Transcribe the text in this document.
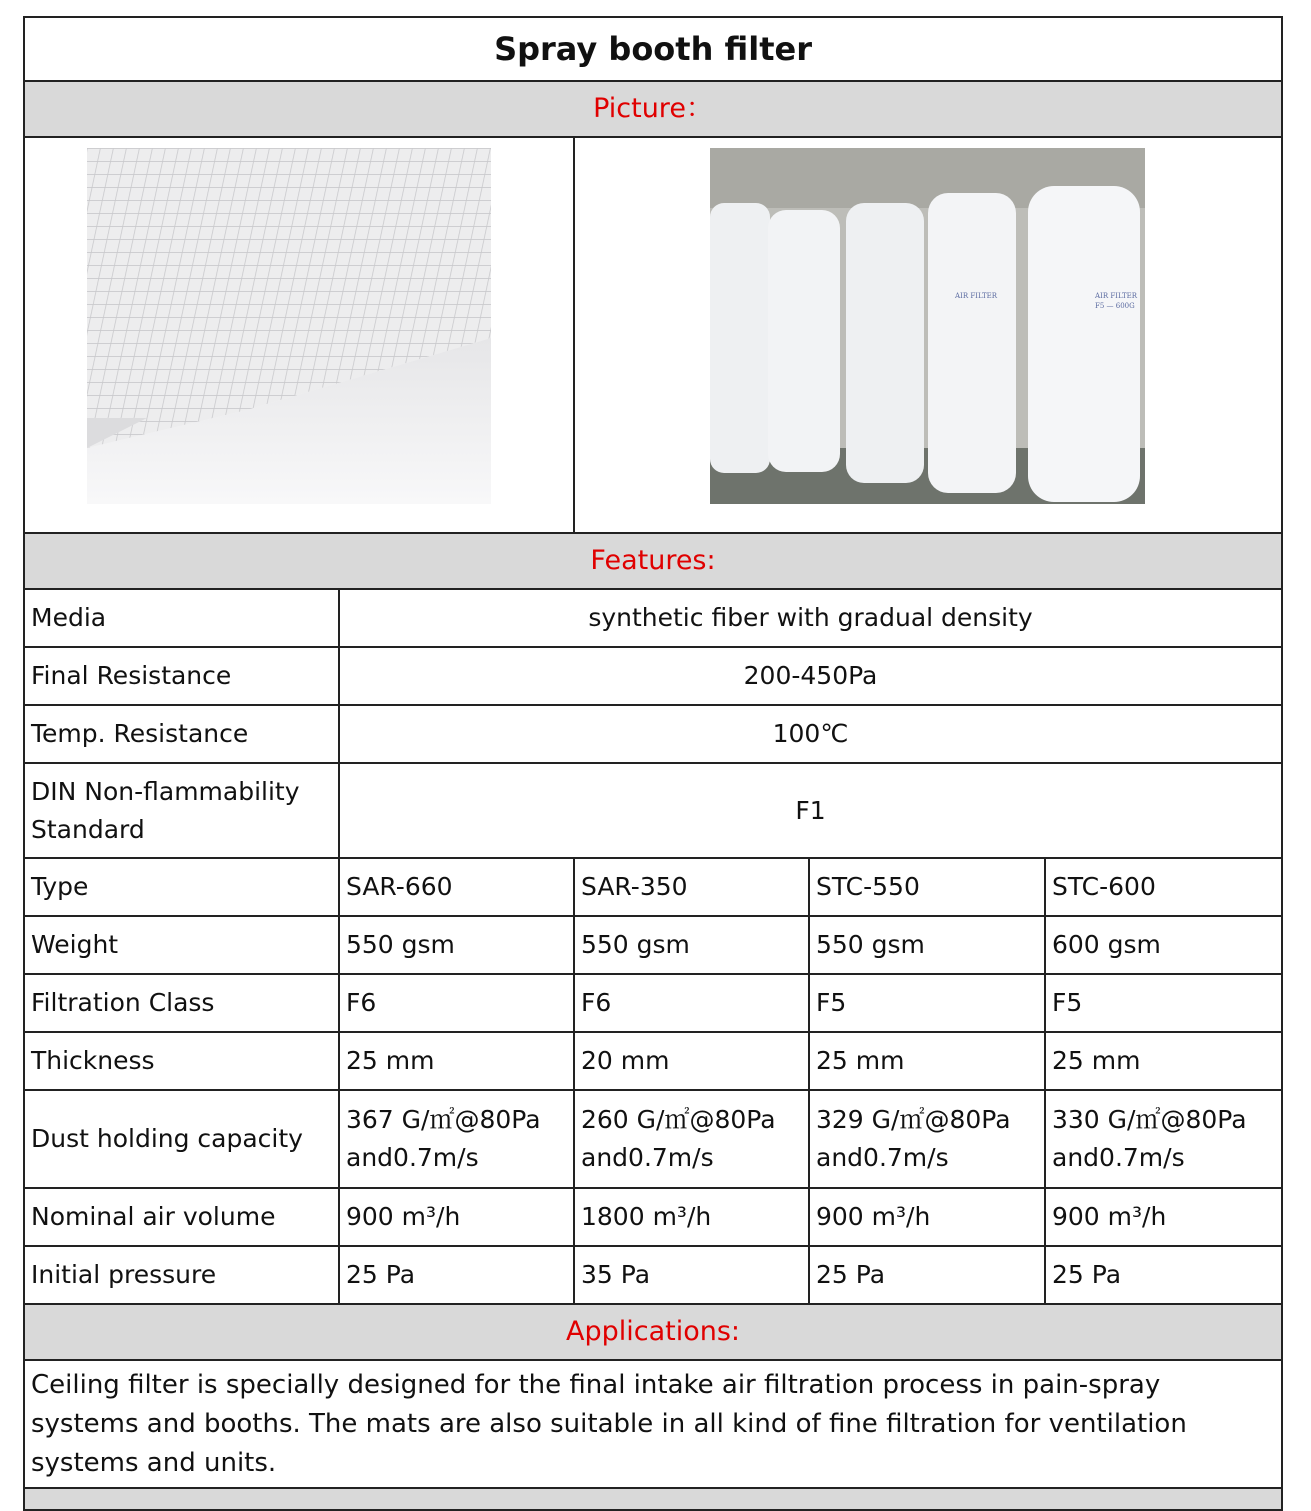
Spray booth filter				
Picture：				

AIR FILTER AIR FILTER
F5 — 600G		

Features:				
Media	synthetic fiber with gradual density			
Final Resistance	200-450Pa			
Temp. Resistance	100℃			
DIN Non-flammability Standard	F1			
Type	SAR-660	SAR-350	STC-550	STC-600
Weight	550 gsm	550 gsm	550 gsm	600 gsm
Filtration Class	F6	F6	F5	F5
Thickness	25 mm	20 mm	25 mm	25 mm
Dust holding capacity	367 G/㎡@80Pa and0.7m/s	260 G/㎡@80Pa and0.7m/s	329 G/㎡@80Pa and0.7m/s	330 G/㎡@80Pa and0.7m/s
Nominal air volume	900 m³/h	1800 m³/h	900 m³/h	900 m³/h
Initial pressure	25 Pa	35 Pa	25 Pa	25 Pa
Applications:				
Ceiling filter is specially designed for the final intake air filtration process in pain-spray systems and booths. The mats are also suitable in all kind of fine filtration for ventilation systems and units.				
